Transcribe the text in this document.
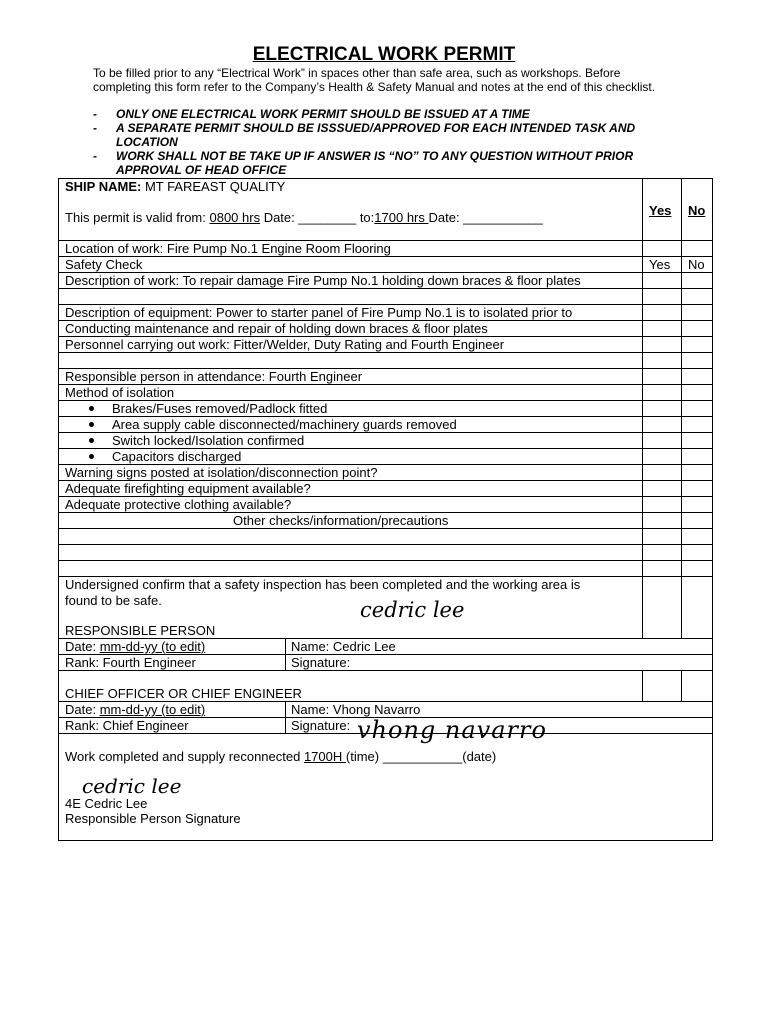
ELECTRICAL WORK PERMIT
To be filled prior to any “Electrical Work” in spaces other than safe area, such as workshops. Before completing this form refer to the Company’s Health & Safety Manual and notes at the end of this checklist.
- ONLY ONE ELECTRICAL WORK PERMIT SHOULD BE ISSUED AT A TIME
- A SEPARATE PERMIT SHOULD BE ISSSUED/APPROVED FOR EACH INTENDED TASK AND LOCATION
- WORK SHALL NOT BE TAKE UP IF ANSWER IS “NO” TO ANY QUESTION WITHOUT PRIOR APPROVAL OF HEAD OFFICE
SHIP NAME: MT FAREAST QUALITY
This permit is valid from: 0800 hrs Date: ________ to:1700 hrs Date: ___________	Yes No
Location of work: Fire Pump No.1 Engine Room Flooring
Safety Check	Yes No
Description of work: To repair damage Fire Pump No.1 holding down braces & floor plates
Description of equipment: Power to starter panel of Fire Pump No.1 is to isolated prior to
Conducting maintenance and repair of holding down braces & floor plates
Personnel carrying out work: Fitter/Welder, Duty Rating and Fourth Engineer
Responsible person in attendance: Fourth Engineer
Method of isolation
Brakes/Fuses removed/Padlock fitted
Area supply cable disconnected/machinery guards removed
Switch locked/Isolation confirmed
Capacitors discharged
Warning signs posted at isolation/disconnection point?
Adequate firefighting equipment available?
Adequate protective clothing available?
Other checks/information/precautions
Undersigned confirm that a safety inspection has been completed and the working area is
found to be safe.	cedric lee
RESPONSIBLE PERSON
Date: mm-dd-yy (to edit)	Name: Cedric Lee
Rank: Fourth Engineer	Signature:
CHIEF OFFICER OR CHIEF ENGINEER
Date: mm-dd-yy (to edit)	Name: Vhong Navarro
Rank: Chief Engineer	Signature: vhong navarro
Work completed and supply reconnected 1700H (time) ___________(date)
cedric lee
4E Cedric Lee
Responsible Person Signature
